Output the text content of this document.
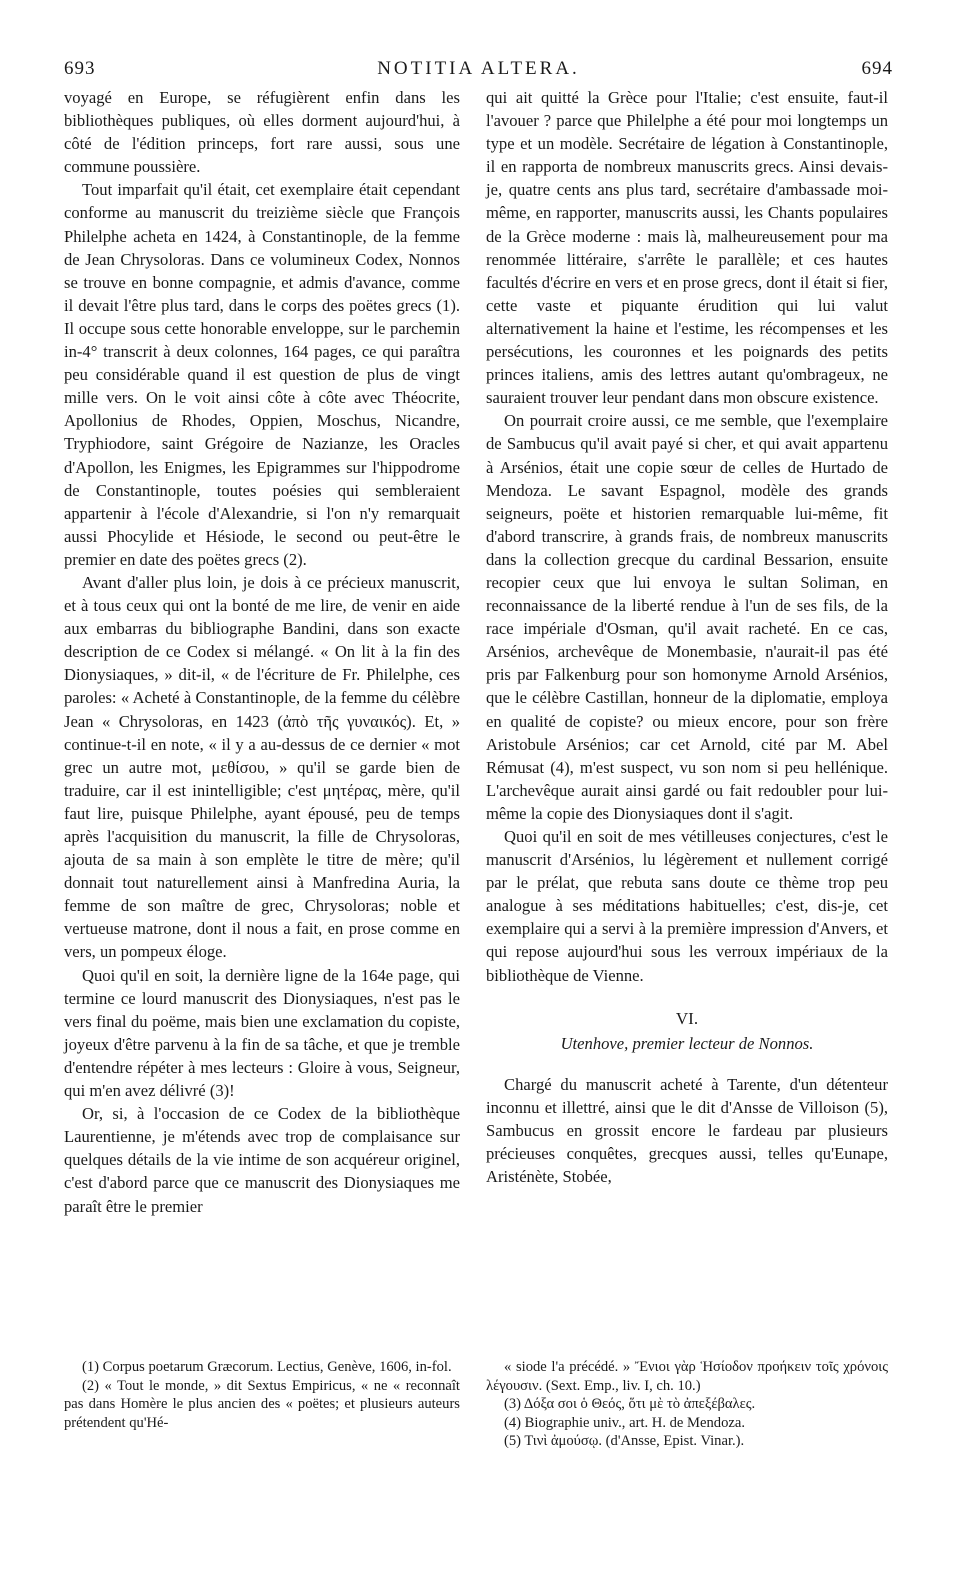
693	NOTITIA ALTERA.	694

voyagé en Europe, se réfugièrent enfin dans les bibliothèques publiques, où elles dorment aujourd'hui, à côté de l'édition princeps, fort rare aussi, sous une commune poussière.

Tout imparfait qu'il était, cet exemplaire était cependant conforme au manuscrit du treizième siècle que François Philelphe acheta en 1424, à Constantinople, de la femme de Jean Chrysoloras. Dans ce volumineux Codex, Nonnos se trouve en bonne compagnie, et admis d'avance, comme il devait l'être plus tard, dans le corps des poëtes grecs (1). Il occupe sous cette honorable enveloppe, sur le parchemin in-4° transcrit à deux colonnes, 164 pages, ce qui paraîtra peu considérable quand il est question de plus de vingt mille vers. On le voit ainsi côte à côte avec Théocrite, Apollonius de Rhodes, Oppien, Moschus, Nicandre, Tryphiodore, saint Grégoire de Nazianze, les Oracles d'Apollon, les Enigmes, les Epigrammes sur l'hippodrome de Constantinople, toutes poésies qui sembleraient appartenir à l'école d'Alexandrie, si l'on n'y remarquait aussi Phocylide et Hésiode, le second ou peut-être le premier en date des poëtes grecs (2).

Avant d'aller plus loin, je dois à ce précieux manuscrit, et à tous ceux qui ont la bonté de me lire, de venir en aide aux embarras du bibliographe Bandini, dans son exacte description de ce Codex si mélangé. « On lit à la fin des Dionysiaques, » dit-il, « de l'écriture de Fr. Philelphe, ces paroles: « Acheté à Constantinople, de la femme du célèbre Jean « Chrysoloras, en 1423 (ἀπὸ τῆς γυναικός). Et, » continue-t-il en note, « il y a au-dessus de ce dernier « mot grec un autre mot, μεθίσου, » qu'il se garde bien de traduire, car il est inintelligible; c'est μητέρας, mère, qu'il faut lire, puisque Philelphe, ayant épousé, peu de temps après l'acquisition du manuscrit, la fille de Chrysoloras, ajouta de sa main à son emplète le titre de mère; qu'il donnait tout naturellement ainsi à Manfredina Auria, la femme de son maître de grec, Chrysoloras; noble et vertueuse matrone, dont il nous a fait, en prose comme en vers, un pompeux éloge.

Quoi qu'il en soit, la dernière ligne de la 164e page, qui termine ce lourd manuscrit des Dionysiaques, n'est pas le vers final du poëme, mais bien une exclamation du copiste, joyeux d'être parvenu à la fin de sa tâche, et que je tremble d'entendre répéter à mes lecteurs : Gloire à vous, Seigneur, qui m'en avez délivré (3)!

Or, si, à l'occasion de ce Codex de la bibliothèque Laurentienne, je m'étends avec trop de complaisance sur quelques détails de la vie intime de son acquéreur originel, c'est d'abord parce que ce manuscrit des Dionysiaques me paraît être le premier

qui ait quitté la Grèce pour l'Italie; c'est ensuite, faut-il l'avouer ? parce que Philelphe a été pour moi longtemps un type et un modèle. Secrétaire de légation à Constantinople, il en rapporta de nombreux manuscrits grecs. Ainsi devais-je, quatre cents ans plus tard, secrétaire d'ambassade moi-même, en rapporter, manuscrits aussi, les Chants populaires de la Grèce moderne : mais là, malheureusement pour ma renommée littéraire, s'arrête le parallèle; et ces hautes facultés d'écrire en vers et en prose grecs, dont il était si fier, cette vaste et piquante érudition qui lui valut alternativement la haine et l'estime, les récompenses et les persécutions, les couronnes et les poignards des petits princes italiens, amis des lettres autant qu'ombrageux, ne sauraient trouver leur pendant dans mon obscure existence.

On pourrait croire aussi, ce me semble, que l'exemplaire de Sambucus qu'il avait payé si cher, et qui avait appartenu à Arsénios, était une copie sœur de celles de Hurtado de Mendoza. Le savant Espagnol, modèle des grands seigneurs, poëte et historien remarquable lui-même, fit d'abord transcrire, à grands frais, de nombreux manuscrits dans la collection grecque du cardinal Bessarion, ensuite recopier ceux que lui envoya le sultan Soliman, en reconnaissance de la liberté rendue à l'un de ses fils, de la race impériale d'Osman, qu'il avait racheté. En ce cas, Arsénios, archevêque de Monembasie, n'aurait-il pas été pris par Falkenburg pour son homonyme Arnold Arsénios, que le célèbre Castillan, honneur de la diplomatie, employa en qualité de copiste? ou mieux encore, pour son frère Aristobule Arsénios; car cet Arnold, cité par M. Abel Rémusat (4), m'est suspect, vu son nom si peu hellénique. L'archevêque aurait ainsi gardé ou fait redoubler pour lui-même la copie des Dionysiaques dont il s'agit.

Quoi qu'il en soit de mes vétilleuses conjectures, c'est le manuscrit d'Arsénios, lu légèrement et nullement corrigé par le prélat, que rebuta sans doute ce thème trop peu analogue à ses méditations habituelles; c'est, dis-je, cet exemplaire qui a servi à la première impression d'Anvers, et qui repose aujourd'hui sous les verroux impériaux de la bibliothèque de Vienne.

VI.
Utenhove, premier lecteur de Nonnos.

Chargé du manuscrit acheté à Tarente, d'un détenteur inconnu et illettré, ainsi que le dit d'Ansse de Villoison (5), Sambucus en grossit encore le fardeau par plusieurs précieuses conquêtes, grecques aussi, telles qu'Eunape, Aristénète, Stobée,

(1) Corpus poetarum Græcorum. Lectius, Genève, 1606, in-fol.

(2) « Tout le monde, » dit Sextus Empiricus, « ne « reconnaît pas dans Homère le plus ancien des « poëtes; et plusieurs auteurs prétendent qu'Hé-

« siode l'a précédé. » Ἔνιοι γὰρ Ἡσίοδον προήκειν τοῖς χρόνοις λέγουσιν. (Sext. Emp., liv. I, ch. 10.)

(3) Δόξα σοι ὁ Θεός, ὅτι μὲ τὸ ἀπεξέβαλες.

(4) Biographie univ., art. H. de Mendoza.

(5) Τινὶ ἀμούσῳ. (d'Ansse, Epist. Vinar.).
